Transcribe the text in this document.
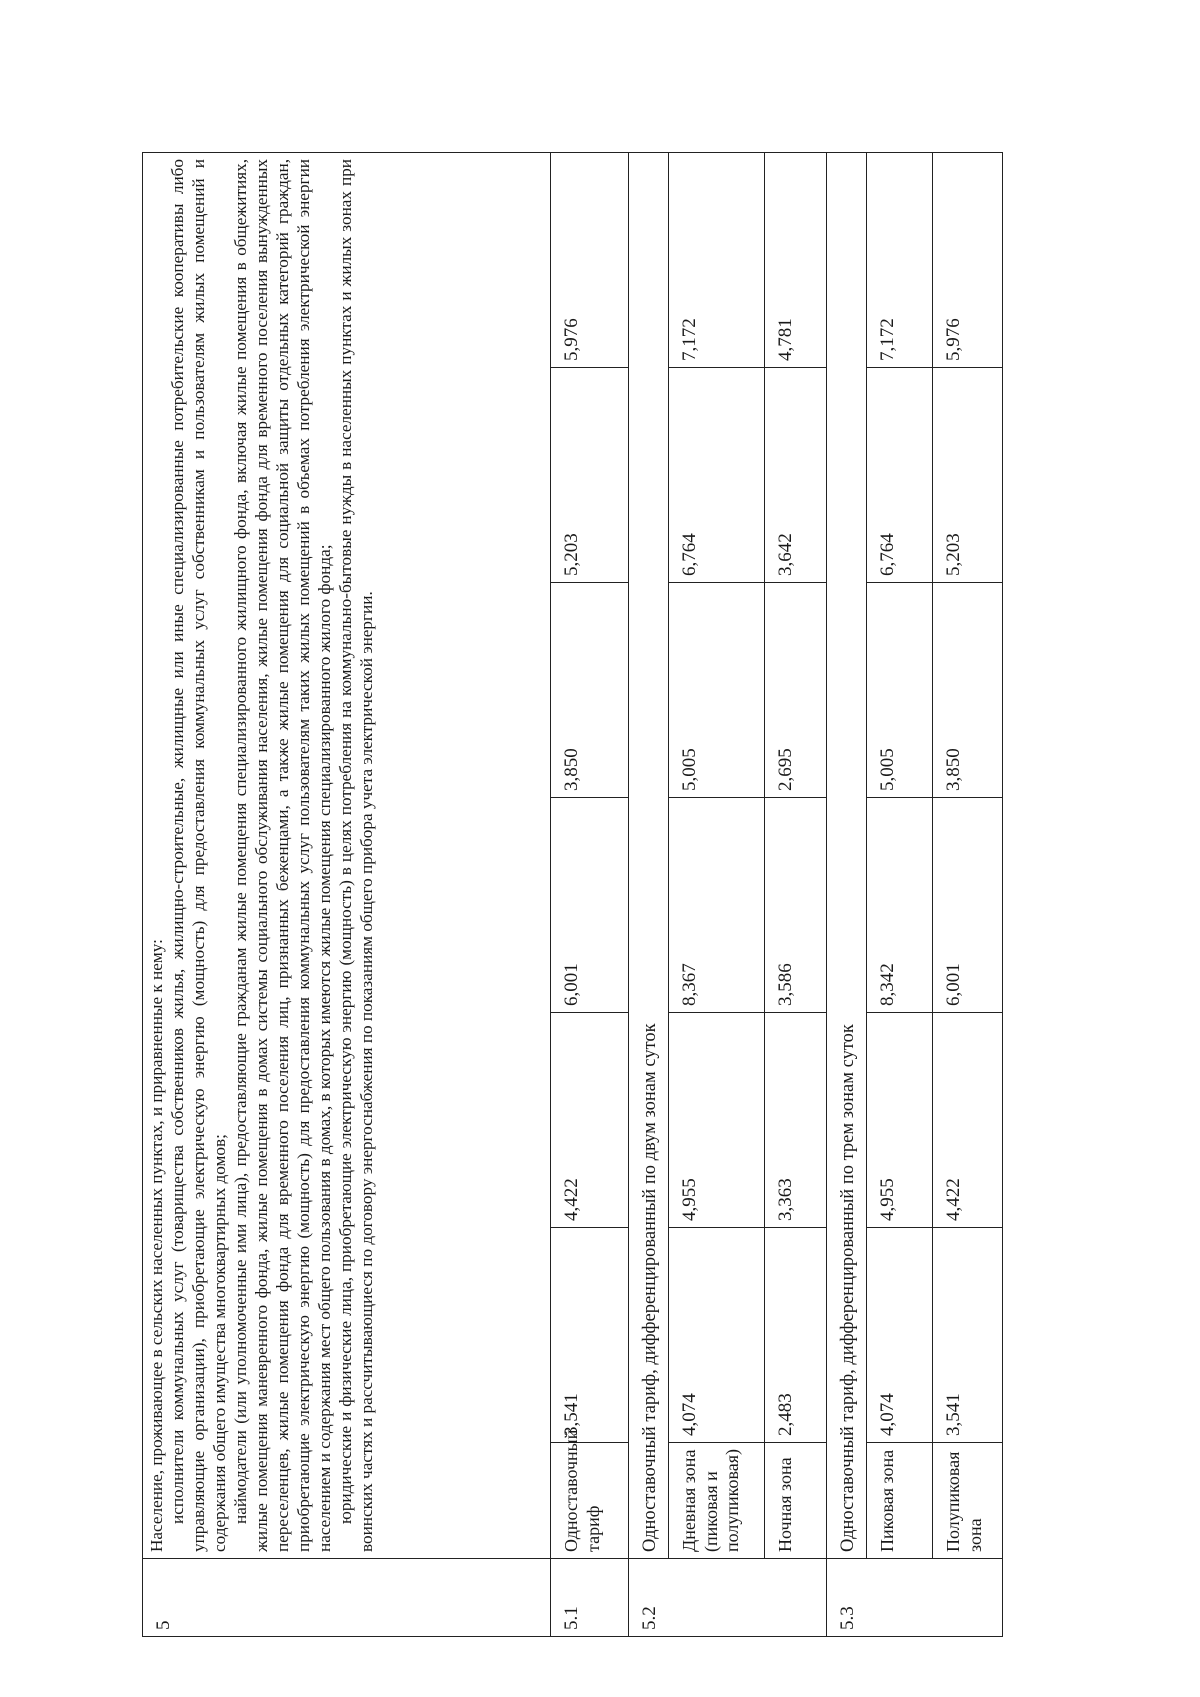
5	Население, проживающее в сельских населенных пунктах, и приравненные к нему: исполнители коммунальных услуг (товарищества собственников жилья, жилищно-строительные, жилищные или иные специализированные потребительские кооперативы либо управляющие организации), приобретающие электрическую энергию (мощность) для предоставления коммунальных услуг собственникам и пользователям жилых помещений и содержания общего имущества многоквартирных домов; наймодатели (или уполномоченные ими лица), предоставляющие гражданам жилые помещения специализированного жилищного фонда, включая жилые помещения в общежитиях, жилые помещения маневренного фонда, жилые помещения в домах системы социального обслуживания населения, жилые помещения фонда для временного поселения вынужденных переселенцев, жилые помещения фонда для временного поселения лиц, признанных беженцами, а также жилые помещения для социальной защиты отдельных категорий граждан, приобретающие электрическую энергию (мощность) для предоставления коммунальных услуг пользователям таких жилых помещений в объемах потребления электрической энергии населением и содержания мест общего пользования в домах, в которых имеются жилые помещения специализированного жилого фонда; юридические и физические лица, приобретающие электрическую энергию (мощность) в целях потребления на коммунально-бытовые нужды в населенных пунктах и жилых зонах при воинских частях и рассчитывающиеся по договору энергоснабжения по показаниям общего прибора учета электрической энергии.						

5.1	Одноставочный тариф	3,541	4,422	6,001	3,850	5,203	5,976
5.2	Одноставочный тариф, дифференцированный по двум зонам суток						
	Дневная зона (пиковая и полупиковая)	4,074	4,955	8,367	5,005	6,764	7,172
	Ночная зона	2,483	3,363	3,586	2,695	3,642	4,781
5.3	Одноставочный тариф, дифференцированный по трем зонам суток						
	Пиковая зона	4,074	4,955	8,342	5,005	6,764	7,172
	Полупиковая зона	3,541	4,422	6,001	3,850	5,203	5,976
